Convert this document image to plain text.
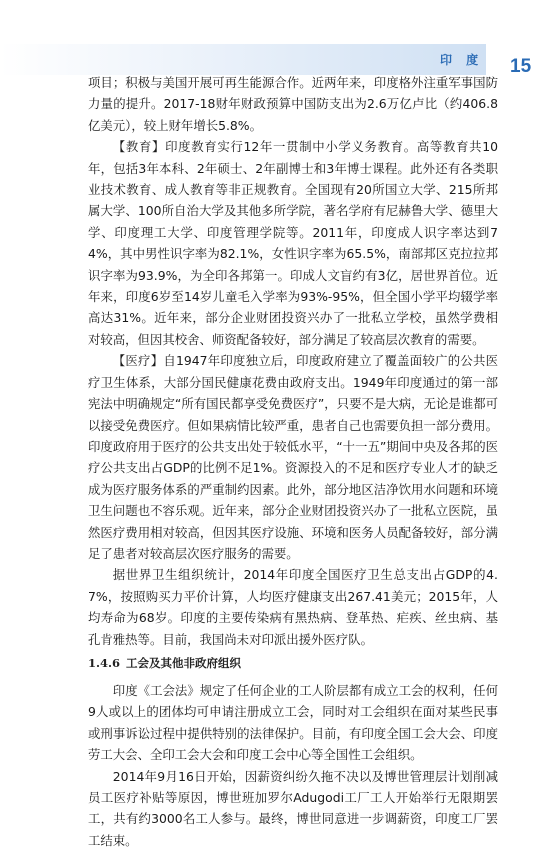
印 度	15

项目；积极与美国开展可再生能源合作。近两年来，印度格外注重军事国防力量的提升。2017-18财年财政预算中国防支出为2.6万亿卢比（约406.8亿美元），较上财年增长5.8%。

【教育】印度教育实行12年一贯制中小学义务教育。高等教育共10年，包括3年本科、2年硕士、2年副博士和3年博士课程。此外还有各类职业技术教育、成人教育等非正规教育。全国现有20所国立大学、215所邦属大学、100所自治大学及其他多所学院，著名学府有尼赫鲁大学、德里大学、印度理工大学、印度管理学院等。2011年，印度成人识字率达到74%，其中男性识字率为82.1%，女性识字率为65.5%，南部邦区克拉拉邦识字率为93.9%，为全印各邦第一。印成人文盲约有3亿，居世界首位。近年来，印度6岁至14岁儿童毛入学率为93%-95%，但全国小学平均辍学率高达31%。近年来，部分企业财团投资兴办了一批私立学校，虽然学费相对较高，但因其校舍、师资配备较好，部分满足了较高层次教育的需要。

【医疗】自1947年印度独立后，印度政府建立了覆盖面较广的公共医疗卫生体系，大部分国民健康花费由政府支出。1949年印度通过的第一部宪法中明确规定“所有国民都享受免费医疗”，只要不是大病，无论是谁都可以接受免费医疗。但如果病情比较严重，患者自己也需要负担一部分费用。印度政府用于医疗的公共支出处于较低水平，“十一五”期间中央及各邦的医疗公共支出占GDP的比例不足1%。资源投入的不足和医疗专业人才的缺乏成为医疗服务体系的严重制约因素。此外，部分地区洁净饮用水问题和环境卫生问题也不容乐观。近年来，部分企业财团投资兴办了一批私立医院，虽然医疗费用相对较高，但因其医疗设施、环境和医务人员配备较好，部分满足了患者对较高层次医疗服务的需要。

据世界卫生组织统计，2014年印度全国医疗卫生总支出占GDP的4.7%，按照购买力平价计算，人均医疗健康支出267.41美元；2015年，人均寿命为68岁。印度的主要传染病有黑热病、登革热、疟疾、丝虫病、基孔肯雅热等。目前，我国尚未对印派出援外医疗队。

1.4.6 工会及其他非政府组织

印度《工会法》规定了任何企业的工人阶层都有成立工会的权利，任何9人或以上的团体均可申请注册成立工会，同时对工会组织在面对某些民事或刑事诉讼过程中提供特别的法律保护。目前，有印度全国工会大会、印度劳工大会、全印工会大会和印度工会中心等全国性工会组织。

2014年9月16日开始，因薪资纠纷久拖不决以及博世管理层计划削减员工医疗补贴等原因，博世班加罗尔Adugodi工厂工人开始举行无限期罢工，共有约3000名工人参与。最终，博世同意进一步调薪资，印度工厂罢工结束。
